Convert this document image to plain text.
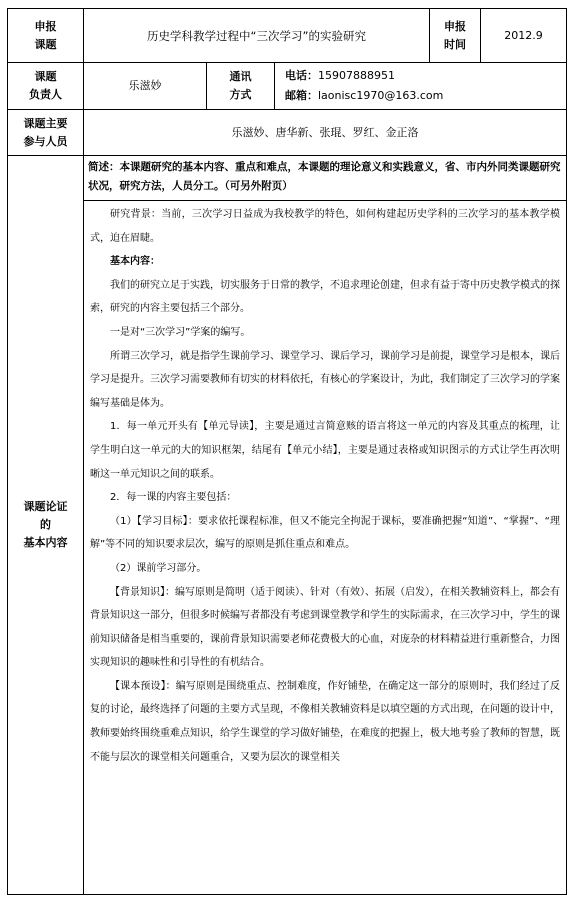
申报
课题
历史学科教学过程中“三次学习”的实验研究
申报
时间
2012.9
课题
负责人
乐滋妙
通讯
方式
电话：15907888951
邮箱：laonisc1970@163.com
课题主要
参与人员
乐滋妙、唐华新、张琨、罗红、金正洛
课题论证
的
基本内容
简述：本课题研究的基本内容、重点和难点，本课题的理论意义和实践意义，省、市内外同类课题研究状况，研究方法，人员分工。（可另外附页）

研究背景：当前，三次学习日益成为我校教学的特色，如何构建起历史学科的三次学习的基本教学模式，迫在眉睫。

基本内容：

我们的研究立足于实践，切实服务于日常的教学，不追求理论创建，但求有益于寄中历史教学模式的探索，研究的内容主要包括三个部分。

一是对“三次学习”学案的编写。

所谓三次学习，就是指学生课前学习、课堂学习、课后学习，课前学习是前提，课堂学习是根本，课后学习是提升。三次学习需要教师有切实的材料依托，有核心的学案设计，为此，我们制定了三次学习的学案编写基础是体为。

1．每一单元开头有【单元导读】，主要是通过言简意赅的语言将这一单元的内容及其重点的梳理，让学生明白这一单元的大的知识框架，结尾有【单元小结】，主要是通过表格或知识图示的方式让学生再次明晰这一单元知识之间的联系。

2．每一课的内容主要包括：

（1）【学习目标】：要求依托课程标准，但又不能完全拘泥于课标，要准确把握“知道”、“掌握”、“理解”等不同的知识要求层次，编写的原则是抓住重点和难点。

（2）课前学习部分。

【背景知识】：编写原则是简明（适于阅读）、针对（有效）、拓展（启发），在相关教辅资料上，都会有背景知识这一部分，但很多时候编写者都没有考虑到课堂教学和学生的实际需求，在三次学习中，学生的课前知识储备是相当重要的，课前背景知识需要老师花费极大的心血，对庞杂的材料精益进行重新整合，力图实现知识的趣味性和引导性的有机结合。

【课本预设】：编写原则是围绕重点、控制难度，作好铺垫，在确定这一部分的原则时，我们经过了反复的讨论，最终选择了问题的主要方式呈现，不像相关教辅资料是以填空题的方式出现，在问题的设计中，教师要始终围绕重难点知识，给学生课堂的学习做好铺垫，在难度的把握上，极大地考验了教师的智慧，既不能与层次的课堂相关问题重合，又要为层次的课堂相关
